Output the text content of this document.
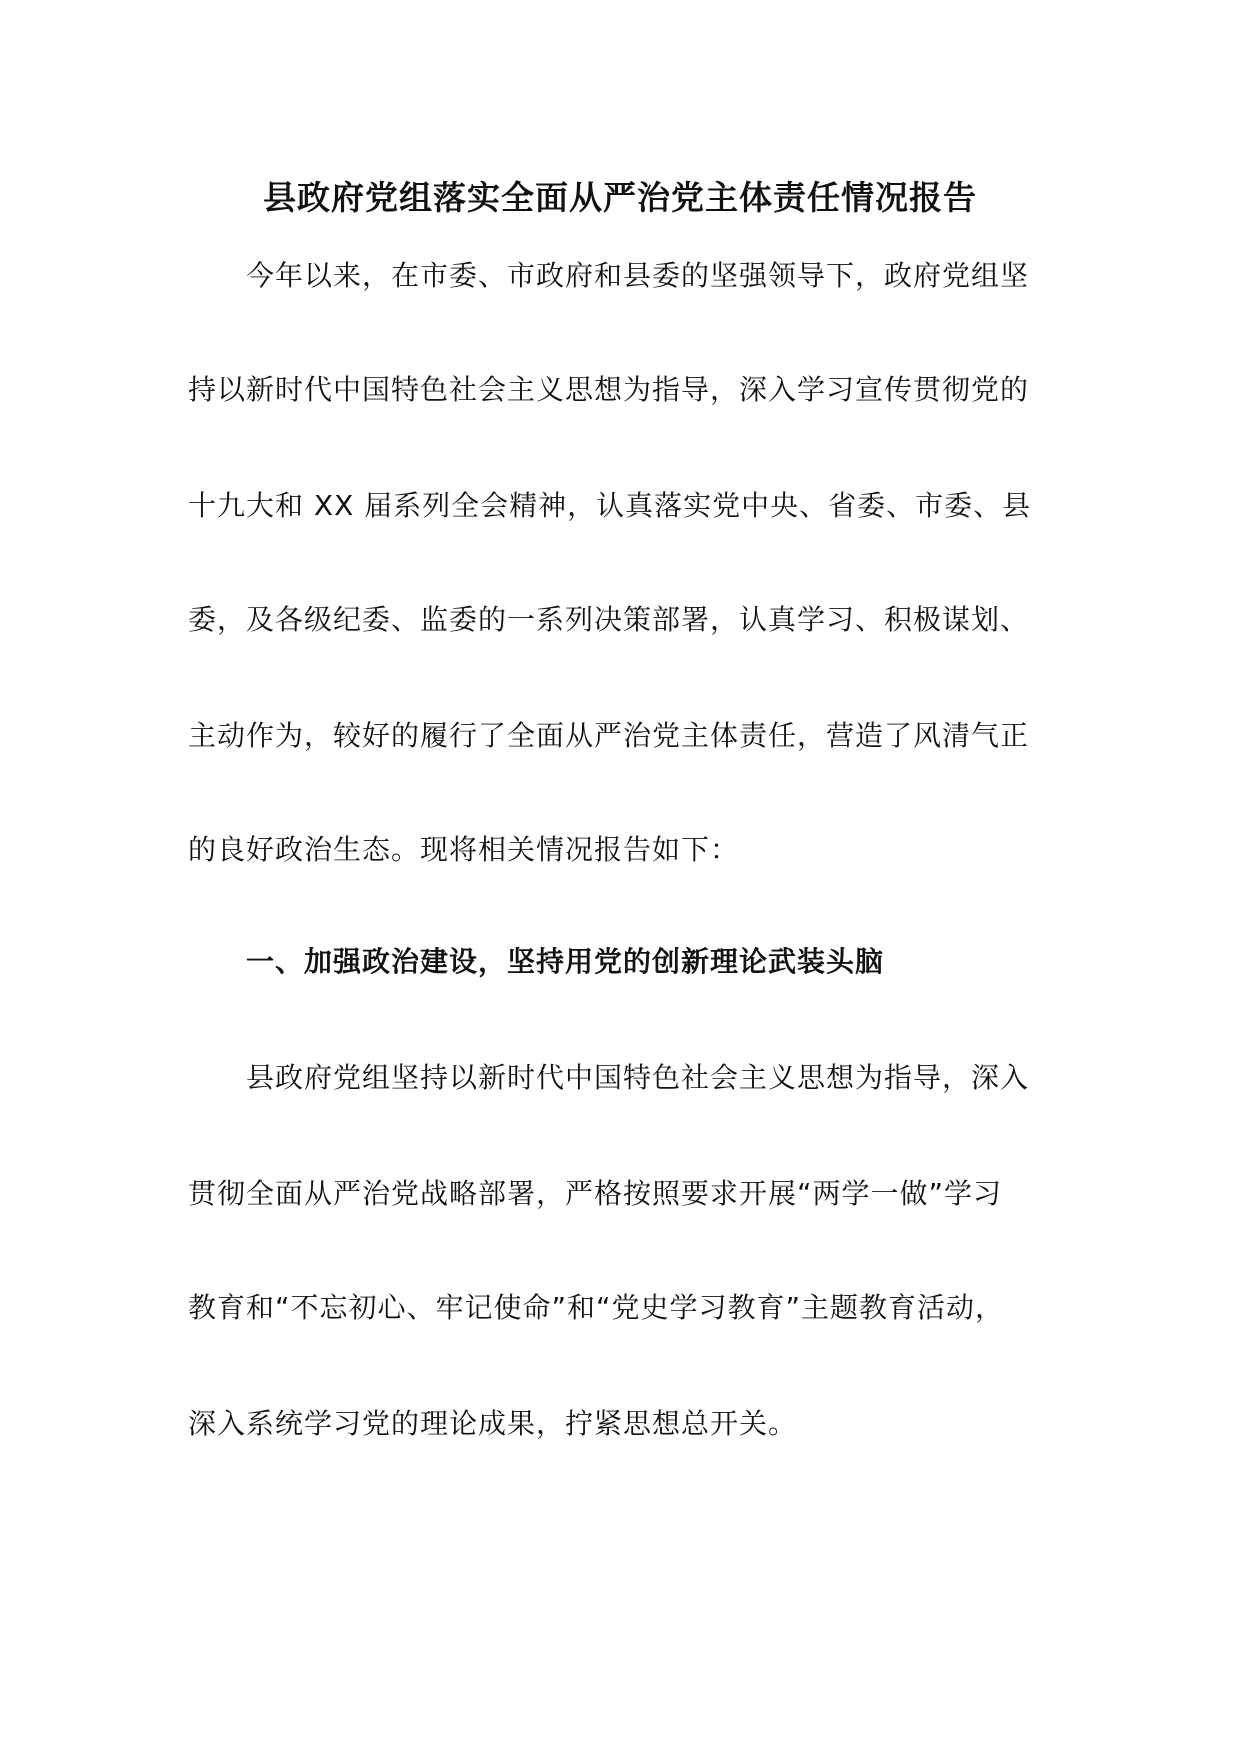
县政府党组落实全面从严治党主体责任情况报告
今年以来，在市委、市政府和县委的坚强领导下，政府党组坚
持以新时代中国特色社会主义思想为指导，深入学习宣传贯彻党的
十九大和 XX 届系列全会精神，认真落实党中央、省委、市委、县
委，及各级纪委、监委的一系列决策部署，认真学习、积极谋划、
主动作为，较好的履行了全面从严治党主体责任，营造了风清气正
的良好政治生态。现将相关情况报告如下：
一、加强政治建设，坚持用党的创新理论武装头脑
县政府党组坚持以新时代中国特色社会主义思想为指导，深入
贯彻全面从严治党战略部署，严格按照要求开展“两学一做”学习
教育和“不忘初心、牢记使命”和“党史学习教育”主题教育活动，
深入系统学习党的理论成果，拧紧思想总开关。
